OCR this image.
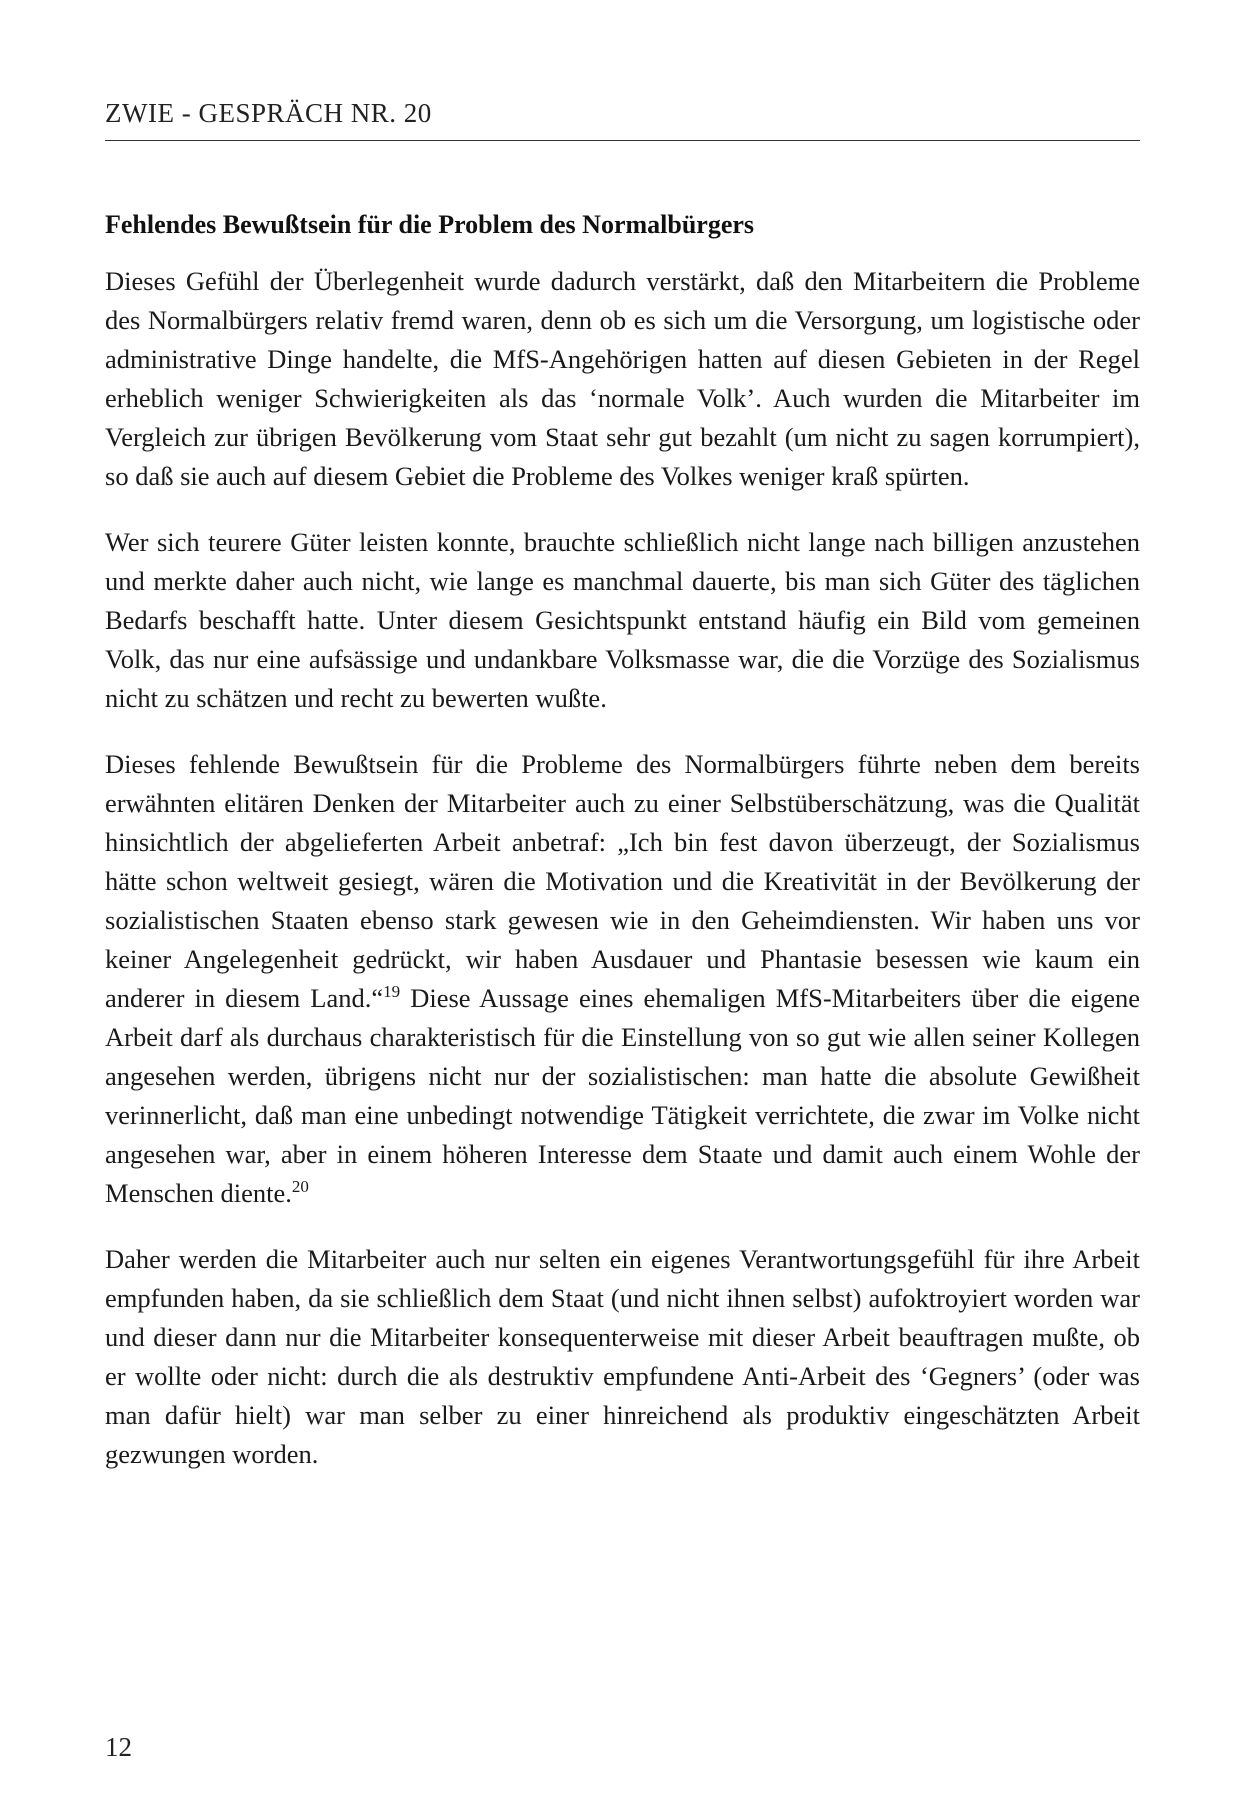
ZWIE - GESPRÄCH NR. 20
Fehlendes Bewußtsein für die Problem des Normalbürgers

Dieses Gefühl der Überlegenheit wurde dadurch verstärkt, daß den Mitarbeitern die Probleme des Normalbürgers relativ fremd waren, denn ob es sich um die Versorgung, um logistische oder administrative Dinge handelte, die MfS-Angehörigen hatten auf diesen Gebieten in der Regel erheblich weniger Schwierigkeiten als das ‘normale Volk’. Auch wurden die Mitarbeiter im Vergleich zur übrigen Bevölkerung vom Staat sehr gut bezahlt (um nicht zu sagen korrumpiert), so daß sie auch auf diesem Gebiet die Probleme des Volkes weniger kraß spürten.

Wer sich teurere Güter leisten konnte, brauchte schließlich nicht lange nach billigen anzustehen und merkte daher auch nicht, wie lange es manchmal dauerte, bis man sich Güter des täglichen Bedarfs beschafft hatte. Unter diesem Gesichtspunkt entstand häufig ein Bild vom gemeinen Volk, das nur eine aufsässige und undankbare Volksmasse war, die die Vorzüge des Sozialismus nicht zu schätzen und recht zu bewerten wußte.

Dieses fehlende Bewußtsein für die Probleme des Normalbürgers führte neben dem bereits erwähnten elitären Denken der Mitarbeiter auch zu einer Selbstüberschätzung, was die Qualität hinsichtlich der abgelieferten Arbeit anbetraf: „Ich bin fest davon überzeugt, der Sozialismus hätte schon weltweit gesiegt, wären die Motivation und die Kreativität in der Bevölkerung der sozialistischen Staaten ebenso stark gewesen wie in den Geheimdiensten. Wir haben uns vor keiner Angelegenheit gedrückt, wir haben Ausdauer und Phantasie besessen wie kaum ein anderer in diesem Land.“$^{19}$ Diese Aussage eines ehemaligen MfS-Mitarbeiters über die eigene Arbeit darf als durchaus charakteristisch für die Einstellung von so gut wie allen seiner Kollegen angesehen werden, übrigens nicht nur der sozialistischen: man hatte die absolute Gewißheit verinnerlicht, daß man eine unbedingt notwendige Tätigkeit verrichtete, die zwar im Volke nicht angesehen war, aber in einem höheren Interesse dem Staate und damit auch einem Wohle der Menschen diente.$^{20}$

Daher werden die Mitarbeiter auch nur selten ein eigenes Verantwortungsgefühl für ihre Arbeit empfunden haben, da sie schließlich dem Staat (und nicht ihnen selbst) aufoktroyiert worden war und dieser dann nur die Mitarbeiter konsequenterweise mit dieser Arbeit beauftragen mußte, ob er wollte oder nicht: durch die als destruktiv empfundene Anti-Arbeit des ‘Gegners’ (oder was man dafür hielt) war man selber zu einer hinreichend als produktiv eingeschätzten Arbeit gezwungen worden.

12
